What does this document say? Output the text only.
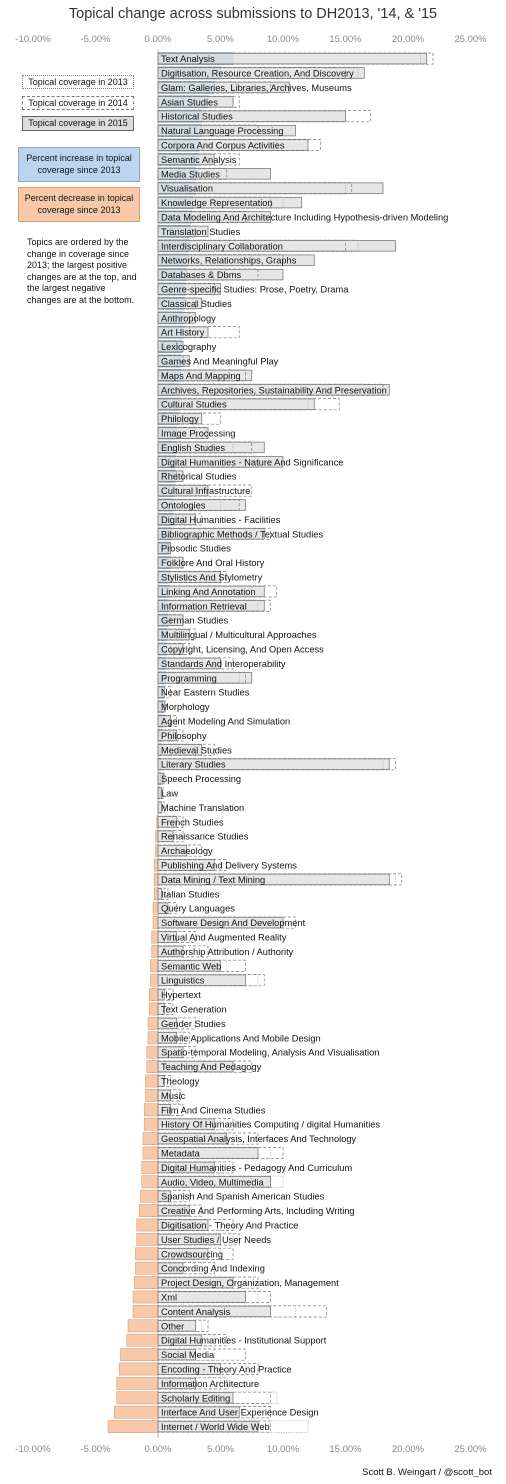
Topical change across submissions to DH2013, '14, & '15
-10.00%
-10.00%
-5.00%
-5.00%
0.00%
0.00%
5.00%
5.00%
10.00%
10.00%
15.00%
15.00%
20.00%
20.00%
25.00%
25.00%
Text Analysis
Digitisation, Resource Creation, And Discovery
Glam: Galleries, Libraries, Archives, Museums
Asian Studies
Historical Studies
Natural Language Processing
Corpora And Corpus Activities
Semantic Analysis
Media Studies
Visualisation
Knowledge Representation
Data Modeling And Architecture Including Hypothesis-driven Modeling
Translation Studies
Interdisciplinary Collaboration
Networks, Relationships, Graphs
Databases & Dbms
Genre-specific Studies: Prose, Poetry, Drama
Classical Studies
Anthropology
Art History
Lexicography
Games And Meaningful Play
Maps And Mapping
Archives, Repositories, Sustainability And Preservation
Cultural Studies
Philology
Image Processing
English Studies
Digital Humanities - Nature And Significance
Rhetorical Studies
Cultural Infrastructure
Ontologies
Digital Humanities - Facilities
Bibliographic Methods / Textual Studies
Prosodic Studies
Folklore And Oral History
Stylistics And Stylometry
Linking And Annotation
Information Retrieval
German Studies
Multilingual / Multicultural Approaches
Copyright, Licensing, And Open Access
Standards And Interoperability
Programming
Near Eastern Studies
Morphology
Agent Modeling And Simulation
Philosophy
Medieval Studies
Literary Studies
Speech Processing
Law
Machine Translation
French Studies
Renaissance Studies
Archaeology
Publishing And Delivery Systems
Data Mining / Text Mining
Italian Studies
Query Languages
Software Design And Development
Virtual And Augmented Reality
Authorship Attribution / Authority
Semantic Web
Linguistics
Hypertext
Text Generation
Gender Studies
Mobile Applications And Mobile Design
Spatio-temporal Modeling, Analysis And Visualisation
Teaching And Pedagogy
Theology
Music
Film And Cinema Studies
History Of Humanities Computing / digital Humanities
Geospatial Analysis, Interfaces And Technology
Metadata
Digital Humanities - Pedagogy And Curriculum
Audio, Video, Multimedia
Spanish And Spanish American Studies
Creative And Performing Arts, Including Writing
Digitisation - Theory And Practice
User Studies / User Needs
Crowdsourcing
Concording And Indexing
Project Design, Organization, Management
Xml
Content Analysis
Other
Digital Humanities - Institutional Support
Social Media
Encoding - Theory And Practice
Information Architecture
Scholarly Editing
Interface And User Experience Design
Internet / World Wide Web
Topical coverage in 2013
Topical coverage in 2014
Topical coverage in 2015
Percent increase in topical coverage since 2013
Percent decrease in topical coverage since 2013
Topics are ordered by the change in coverage since 2013; the largest positive changes are at the top, and the largest negative changes are at the bottom.
Scott B. Weingart / @scott_bot
